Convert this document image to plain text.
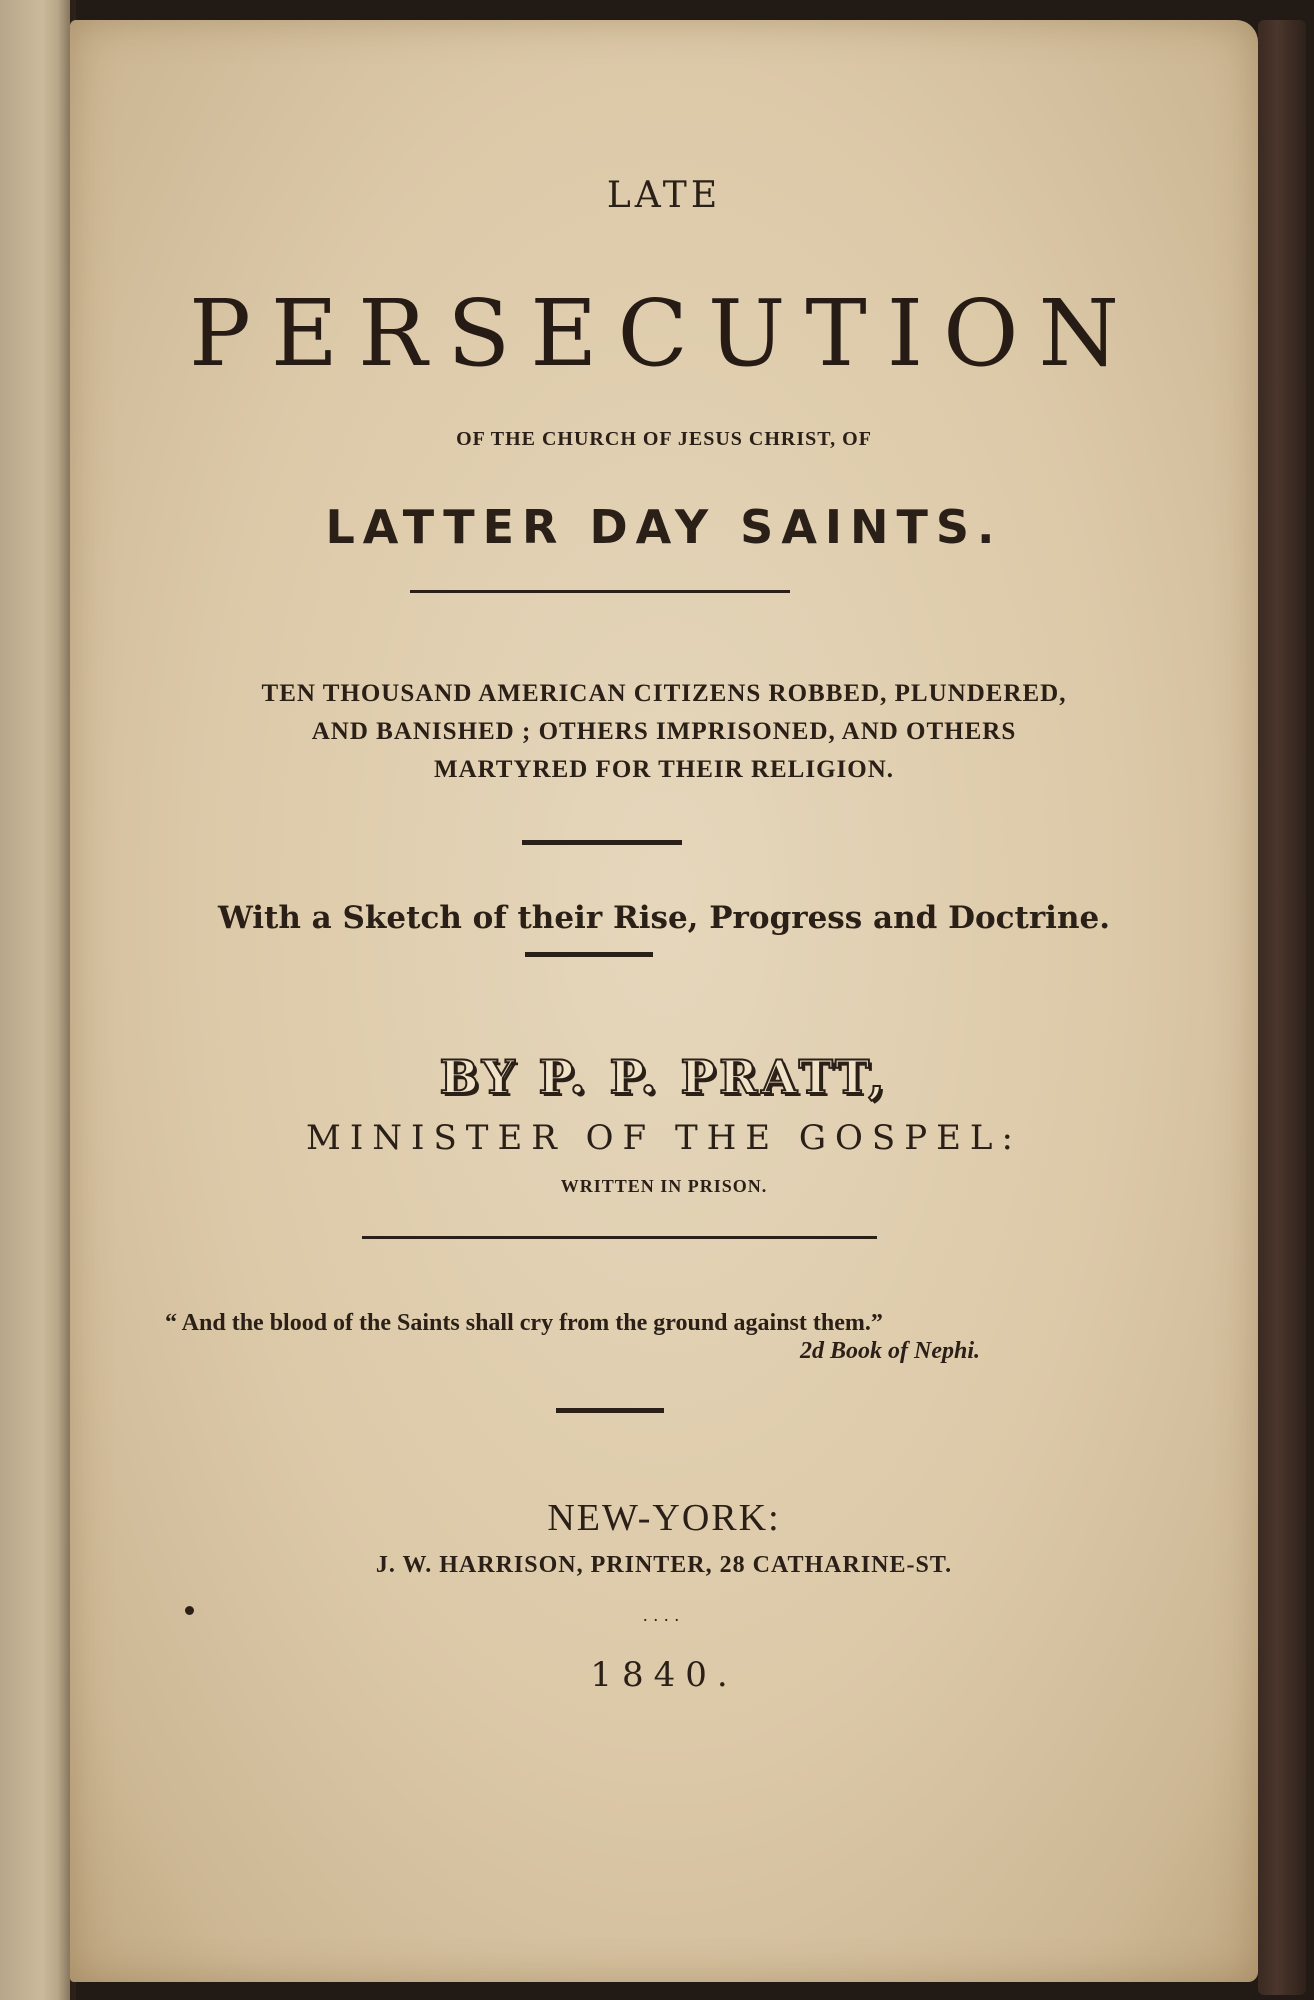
LATE
PERSECUTION
OF THE CHURCH OF JESUS CHRIST, OF
LATTER DAY SAINTS.
TEN THOUSAND AMERICAN CITIZENS ROBBED, PLUNDERED,
AND BANISHED ; OTHERS IMPRISONED, AND OTHERS
MARTYRED FOR THEIR RELIGION.
With a Sketch of their Rise, Progress and Doctrine.
BY P. P. PRATT,
MINISTER OF THE GOSPEL:
WRITTEN IN PRISON.
“ And the blood of the Saints shall cry from the ground against them.”
2d Book of Nephi.
NEW-YORK:
J. W. HARRISON, PRINTER, 28 CATHARINE-ST.
....
1840.
